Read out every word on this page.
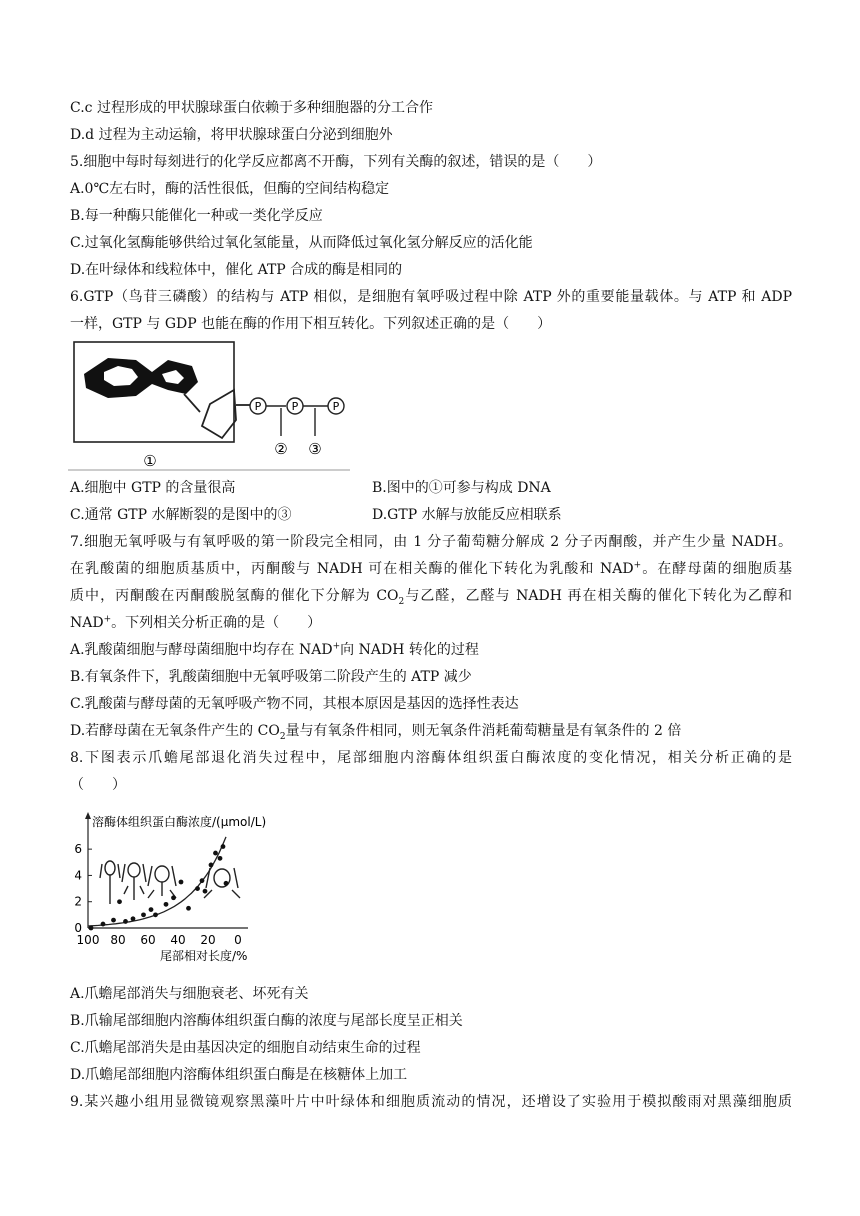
C.c 过程形成的甲状腺球蛋白依赖于多种细胞器的分工合作
D.d 过程为主动运输，将甲状腺球蛋白分泌到细胞外
5.细胞中每时每刻进行的化学反应都离不开酶，下列有关酶的叙述，错误的是（　　）
A.0℃左右时，酶的活性很低，但酶的空间结构稳定
B.每一种酶只能催化一种或一类化学反应
C.过氧化氢酶能够供给过氧化氢能量，从而降低过氧化氢分解反应的活化能
D.在叶绿体和线粒体中，催化 ATP 合成的酶是相同的
6.GTP（鸟苷三磷酸）的结构与 ATP 相似，是细胞有氧呼吸过程中除 ATP 外的重要能量载体。与 ATP 和 ADP
一样，GTP 与 GDP 也能在酶的作用下相互转化。下列叙述正确的是（　　）
P	P	P
② ③
①
A.细胞中 GTP 的含量很高	B.图中的①可参与构成 DNA
C.通常 GTP 水解断裂的是图中的③	D.GTP 水解与放能反应相联系
7.细胞无氧呼吸与有氧呼吸的第一阶段完全相同，由 1 分子葡萄糖分解成 2 分子丙酮酸，并产生少量 NADH。
在乳酸菌的细胞质基质中，丙酮酸与 NADH 可在相关酶的催化下转化为乳酸和 NAD+。在酵母菌的细胞质基
质中，丙酮酸在丙酮酸脱氢酶的催化下分解为 $CO_2$与乙醛，乙醛与 NADH 再在相关酶的催化下转化为乙醇和
NAD+。下列相关分析正确的是（　　）
A.乳酸菌细胞与酵母菌细胞中均存在 NAD+向 NADH 转化的过程
B.有氧条件下，乳酸菌细胞中无氧呼吸第二阶段产生的 ATP 减少
C.乳酸菌与酵母菌的无氧呼吸产物不同，其根本原因是基因的选择性表达
D.若酵母菌在无氧条件产生的 $CO_2$量与有氧条件相同，则无氧条件消耗葡萄糖量是有氧条件的 2 倍
8.下图表示爪蟾尾部退化消失过程中，尾部细胞内溶酶体组织蛋白酶浓度的变化情况，相关分析正确的是
（　　）
溶酶体组织蛋白酶浓度/(μmol/L)
尾部相对长度/%
100 80 60 40 20 0
0
2
4
6
A.爪蟾尾部消失与细胞衰老、坏死有关
B.爪输尾部细胞内溶酶体组织蛋白酶的浓度与尾部长度呈正相关
C.爪蟾尾部消失是由基因决定的细胞自动结束生命的过程
D.爪蟾尾部细胞内溶酶体组织蛋白酶是在核糖体上加工
9.某兴趣小组用显微镜观察黑藻叶片中叶绿体和细胞质流动的情况，还增设了实验用于模拟酸雨对黑藻细胞质
